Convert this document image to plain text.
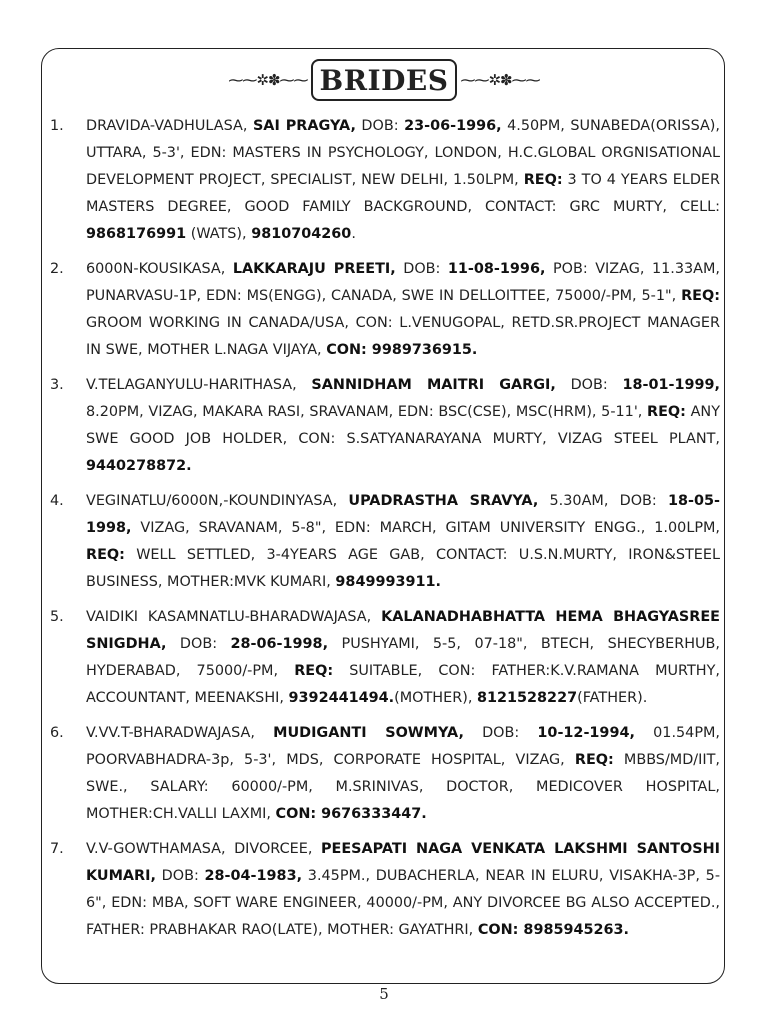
⁓⁓✲✽⁓⁓ BRIDES ⁓⁓✲✽⁓⁓
1. DRAVIDA-VADHULASA, SAI PRAGYA, DOB: 23-06-1996, 4.50PM, SUNABEDA(ORISSA), UTTARA, 5-3', EDN: MASTERS IN PSYCHOLOGY, LONDON, H.C.GLOBAL ORGNISATIONAL DEVELOPMENT PROJECT, SPECIALIST, NEW DELHI, 1.50LPM, REQ: 3 TO 4 YEARS ELDER MASTERS DEGREE, GOOD FAMILY BACKGROUND, CONTACT: GRC MURTY, CELL: 9868176991 (WATS), 9810704260.
2. 6000N-KOUSIKASA, LAKKARAJU PREETI, DOB: 11-08-1996, POB: VIZAG, 11.33AM, PUNARVASU-1P, EDN: MS(ENGG), CANADA, SWE IN DELLOITTEE, 75000/-PM, 5-1", REQ: GROOM WORKING IN CANADA/USA, CON: L.VENUGOPAL, RETD.SR.PROJECT MANAGER IN SWE, MOTHER L.NAGA VIJAYA, CON: 9989736915.
3. V.TELAGANYULU-HARITHASA, SANNIDHAM MAITRI GARGI, DOB: 18-01-1999, 8.20PM, VIZAG, MAKARA RASI, SRAVANAM, EDN: BSC(CSE), MSC(HRM), 5-11', REQ: ANY SWE GOOD JOB HOLDER, CON: S.SATYANARAYANA MURTY, VIZAG STEEL PLANT, 9440278872.
4. VEGINATLU/6000N,-KOUNDINYASA, UPADRASTHA SRAVYA, 5.30AM, DOB: 18-05-1998, VIZAG, SRAVANAM, 5-8", EDN: MARCH, GITAM UNIVERSITY ENGG., 1.00LPM, REQ: WELL SETTLED, 3-4YEARS AGE GAB, CONTACT: U.S.N.MURTY, IRON&STEEL BUSINESS, MOTHER:MVK KUMARI, 9849993911.
5. VAIDIKI KASAMNATLU-BHARADWAJASA, KALANADHABHATTA HEMA BHAGYASREE SNIGDHA, DOB: 28-06-1998, PUSHYAMI, 5-5, 07-18", BTECH, SHECYBERHUB, HYDERABAD, 75000/-PM, REQ: SUITABLE, CON: FATHER:K.V.RAMANA MURTHY, ACCOUNTANT, MEENAKSHI, 9392441494.(MOTHER), 8121528227(FATHER).
6. V.VV.T-BHARADWAJASA, MUDIGANTI SOWMYA, DOB: 10-12-1994, 01.54PM, POORVABHADRA-3p, 5-3', MDS, CORPORATE HOSPITAL, VIZAG, REQ: MBBS/MD/IIT, SWE., SALARY: 60000/-PM, M.SRINIVAS, DOCTOR, MEDICOVER HOSPITAL, MOTHER:CH.VALLI LAXMI, CON: 9676333447.
7. V.V-GOWTHAMASA, DIVORCEE, PEESAPATI NAGA VENKATA LAKSHMI SANTOSHI KUMARI, DOB: 28-04-1983, 3.45PM., DUBACHERLA, NEAR IN ELURU, VISAKHA-3P, 5-6", EDN: MBA, SOFT WARE ENGINEER, 40000/-PM, ANY DIVORCEE BG ALSO ACCEPTED., FATHER: PRABHAKAR RAO(LATE), MOTHER: GAYATHRI, CON: 8985945263.
5
